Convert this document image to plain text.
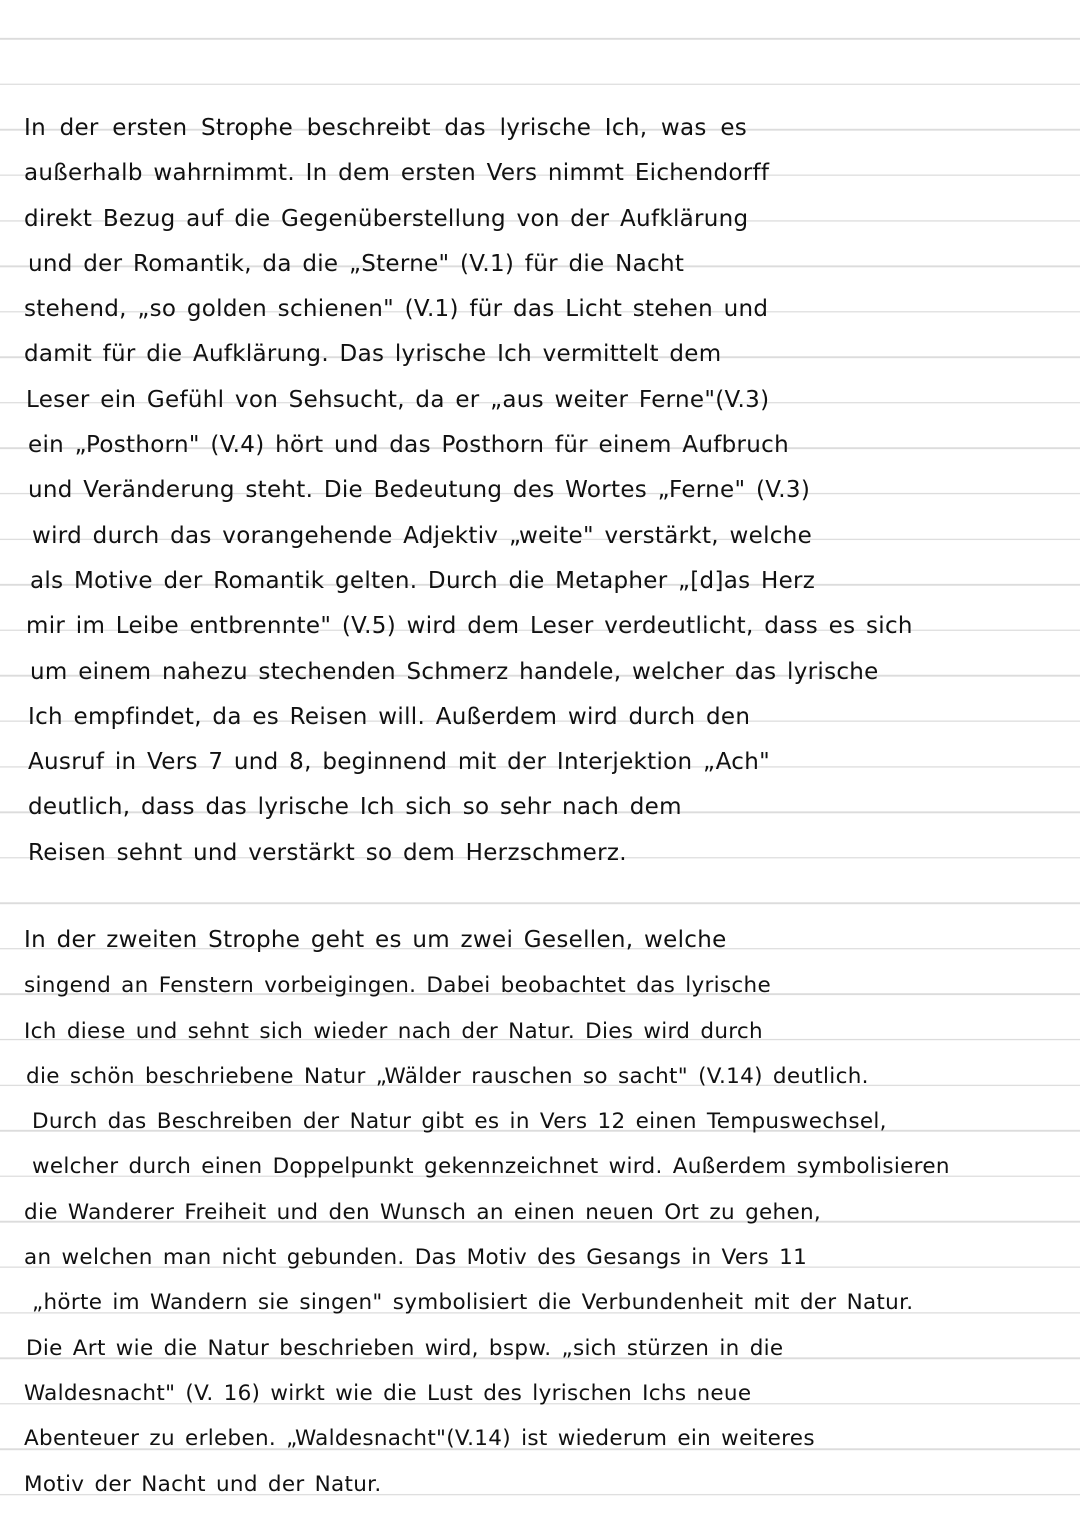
In der ersten Strophe beschreibt das lyrische Ich, was es
außerhalb wahrnimmt. In dem ersten Vers nimmt Eichendorff
direkt Bezug auf die Gegenüberstellung von der Aufklärung
und der Romantik, da die „Sterne" (V.1) für die Nacht
stehend, „so golden schienen" (V.1) für das Licht stehen und
damit für die Aufklärung. Das lyrische Ich vermittelt dem
Leser ein Gefühl von Sehsucht, da er „aus weiter Ferne"(V.3)
ein „Posthorn" (V.4) hört und das Posthorn für einem Aufbruch
und Veränderung steht. Die Bedeutung des Wortes „Ferne" (V.3)
wird durch das vorangehende Adjektiv „weite" verstärkt, welche
als Motive der Romantik gelten. Durch die Metapher „[d]as Herz
mir im Leibe entbrennte" (V.5) wird dem Leser verdeutlicht, dass es sich
um einem nahezu stechenden Schmerz handele, welcher das lyrische
Ich empfindet, da es Reisen will. Außerdem wird durch den
Ausruf in Vers 7 und 8, beginnend mit der Interjektion „Ach"
deutlich, dass das lyrische Ich sich so sehr nach dem
Reisen sehnt und verstärkt so dem Herzschmerz.
In der zweiten Strophe geht es um zwei Gesellen, welche
singend an Fenstern vorbeigingen. Dabei beobachtet das lyrische
Ich diese und sehnt sich wieder nach der Natur. Dies wird durch
die schön beschriebene Natur „Wälder rauschen so sacht" (V.14) deutlich.
Durch das Beschreiben der Natur gibt es in Vers 12 einen Tempuswechsel,
welcher durch einen Doppelpunkt gekennzeichnet wird. Außerdem symbolisieren
die Wanderer Freiheit und den Wunsch an einen neuen Ort zu gehen,
an welchen man nicht gebunden. Das Motiv des Gesangs in Vers 11
„hörte im Wandern sie singen" symbolisiert die Verbundenheit mit der Natur.
Die Art wie die Natur beschrieben wird, bspw. „sich stürzen in die
Waldesnacht" (V. 16) wirkt wie die Lust des lyrischen Ichs neue
Abenteuer zu erleben. „Waldesnacht"(V.14) ist wiederum ein weiteres
Motiv der Nacht und der Natur.
